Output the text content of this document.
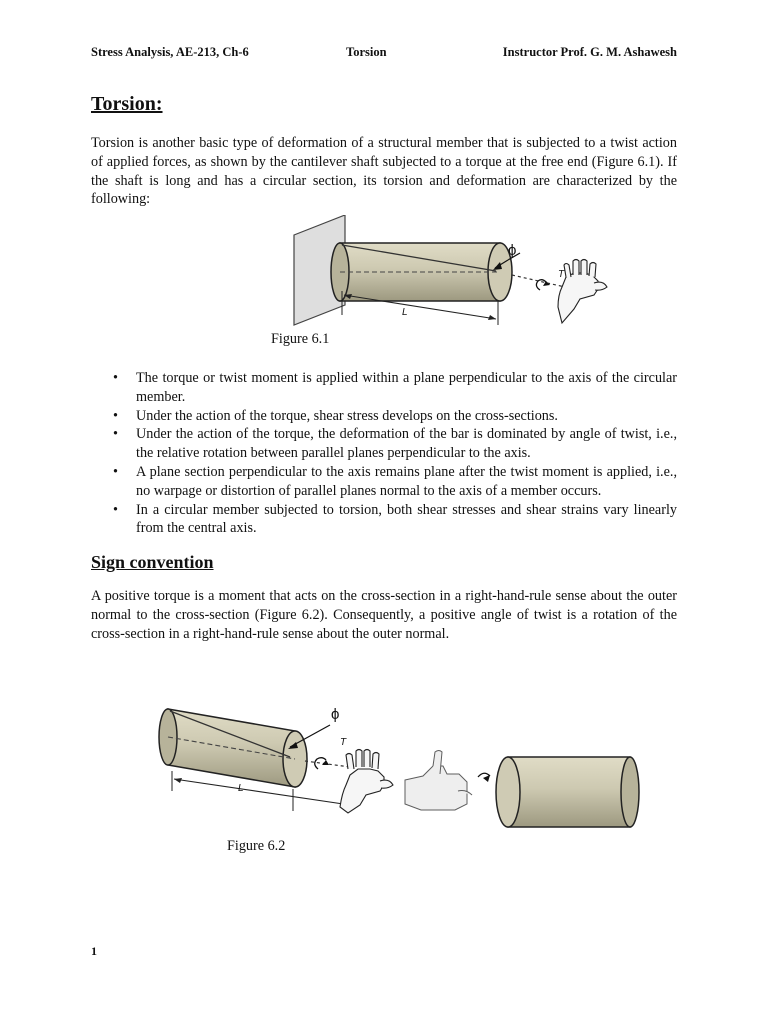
Stress Analysis, AE-213, Ch-6	Torsion	Instructor Prof. G. M. Ashawesh
Torsion:

Torsion is another basic type of deformation of a structural member that is subjected to a twist action of applied forces, as shown by the cantilever shaft subjected to a torque at the free end (Figure 6.1). If the shaft is long and has a circular section, its torsion and deformation are characterized by the following:

ϕ
T
L

Figure 6.1

• The torque or twist moment is applied within a plane perpendicular to the axis of the circular member.
• Under the action of the torque, shear stress develops on the cross-sections.
• Under the action of the torque, the deformation of the bar is dominated by angle of twist, i.e., the relative rotation between parallel planes perpendicular to the axis.
• A plane section perpendicular to the axis remains plane after the twist moment is applied, i.e., no warpage or distortion of parallel planes normal to the axis of a member occurs.
• In a circular member subjected to torsion, both shear stresses and shear strains vary linearly from the central axis.
Sign convention

A positive torque is a moment that acts on the cross-section in a right-hand-rule sense about the outer normal to the cross-section (Figure 6.2). Consequently, a positive angle of twist is a rotation of the cross-section in a right-hand-rule sense about the outer normal.

ϕ
T
L

Figure 6.2

1
